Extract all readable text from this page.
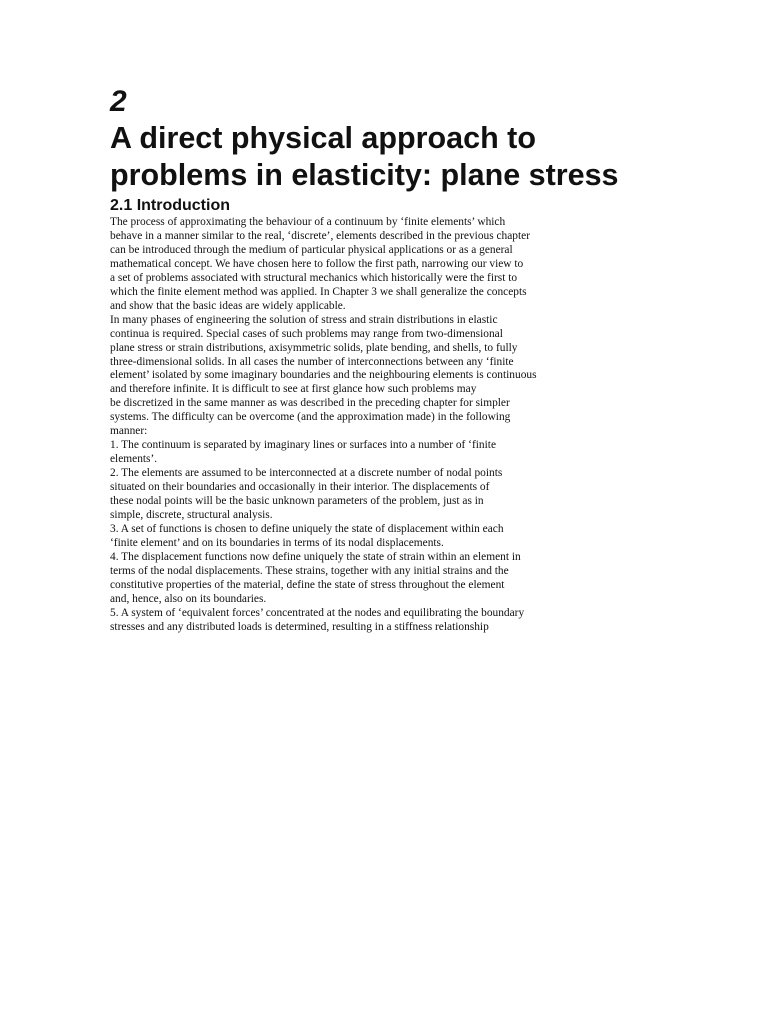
2
A direct physical approach to
problems in elasticity: plane stress
2.1 Introduction
The process of approximating the behaviour of a continuum by ‘finite elements’ which
behave in a manner similar to the real, ‘discrete’, elements described in the previous chapter
can be introduced through the medium of particular physical applications or as a general
mathematical concept. We have chosen here to follow the first path, narrowing our view to
a set of problems associated with structural mechanics which historically were the first to
which the finite element method was applied. In Chapter 3 we shall generalize the concepts
and show that the basic ideas are widely applicable.
In many phases of engineering the solution of stress and strain distributions in elastic
continua is required. Special cases of such problems may range from two-dimensional
plane stress or strain distributions, axisymmetric solids, plate bending, and shells, to fully
three-dimensional solids. In all cases the number of interconnections between any ‘finite
element’ isolated by some imaginary boundaries and the neighbouring elements is continuous
and therefore infinite. It is difficult to see at first glance how such problems may
be discretized in the same manner as was described in the preceding chapter for simpler
systems. The difficulty can be overcome (and the approximation made) in the following
manner:
1. The continuum is separated by imaginary lines or surfaces into a number of ‘finite
elements’.
2. The elements are assumed to be interconnected at a discrete number of nodal points
situated on their boundaries and occasionally in their interior. The displacements of
these nodal points will be the basic unknown parameters of the problem, just as in
simple, discrete, structural analysis.
3. A set of functions is chosen to define uniquely the state of displacement within each
‘finite element’ and on its boundaries in terms of its nodal displacements.
4. The displacement functions now define uniquely the state of strain within an element in
terms of the nodal displacements. These strains, together with any initial strains and the
constitutive properties of the material, define the state of stress throughout the element
and, hence, also on its boundaries.
5. A system of ‘equivalent forces’ concentrated at the nodes and equilibrating the boundary
stresses and any distributed loads is determined, resulting in a stiffness relationship
